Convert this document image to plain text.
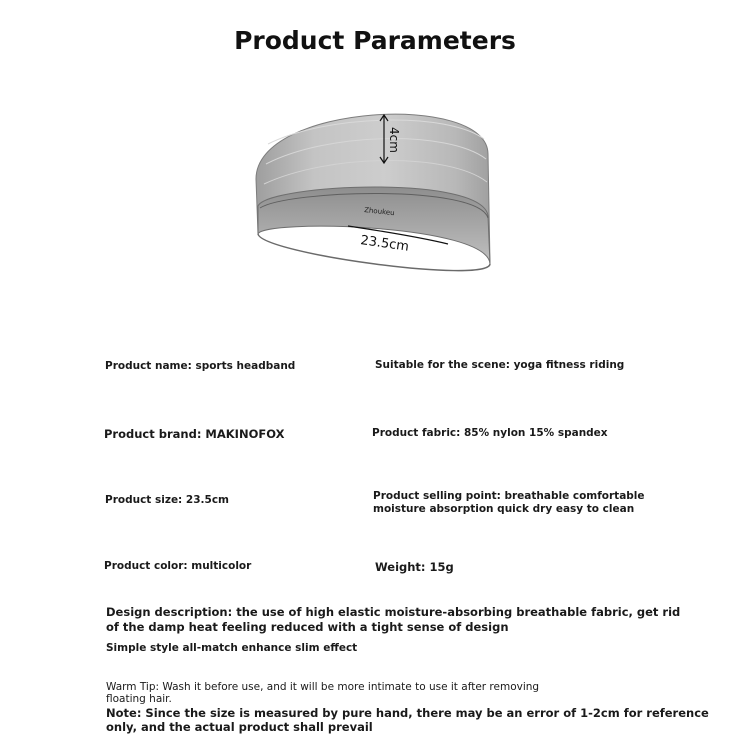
Product Parameters
4cm
23.5cm
Zhoukeu
Product name: sports headband	Suitable for the scene: yoga fitness riding
Product brand: MAKINOFOX	Product fabric: 85% nylon 15% spandex
Product size: 23.5cm	Product selling point: breathable comfortable
moisture absorption quick dry easy to clean
Product color: multicolor	Weight: 15g
Design description: the use of high elastic moisture-absorbing breathable fabric, get rid
of the damp heat feeling reduced with a tight sense of design
Simple style all-match enhance slim effect
Warm Tip: Wash it before use, and it will be more intimate to use it after removing
floating hair.
Note: Since the size is measured by pure hand, there may be an error of 1-2cm for reference
only, and the actual product shall prevail
